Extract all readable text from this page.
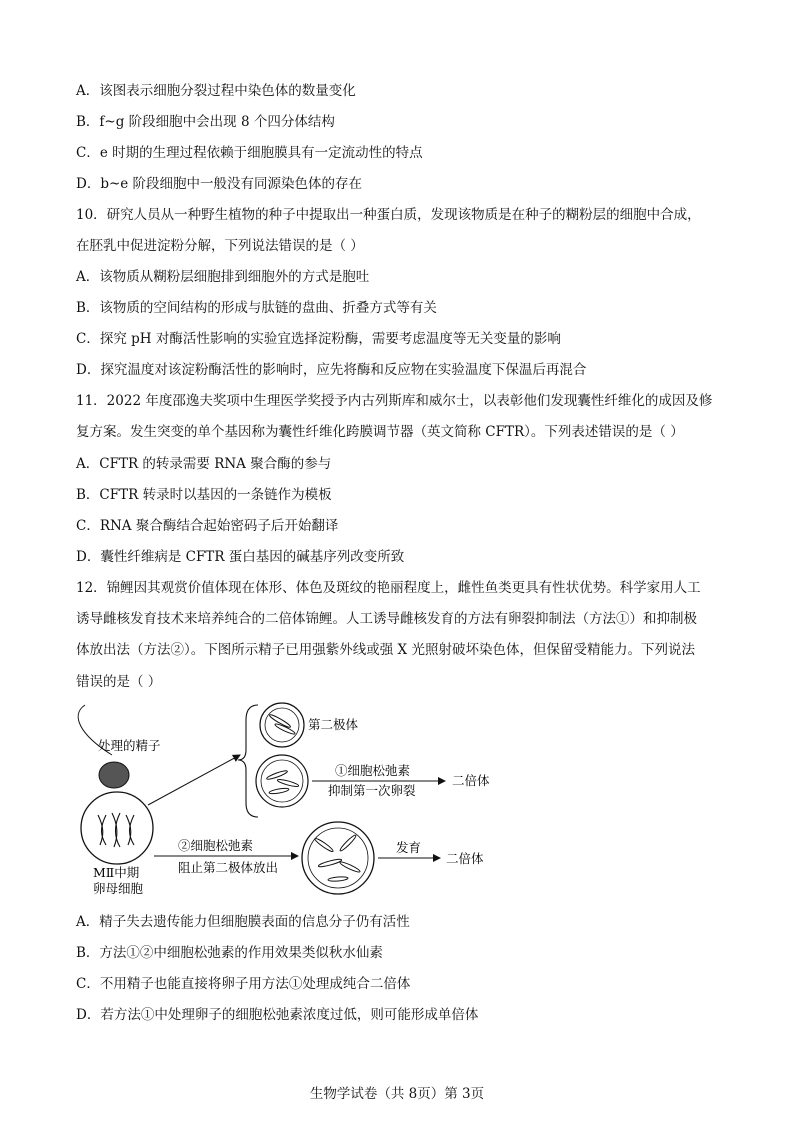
A．该图表示细胞分裂过程中染色体的数量变化
B．f~g 阶段细胞中会出现 8 个四分体结构
C．e 时期的生理过程依赖于细胞膜具有一定流动性的特点
D．b~e 阶段细胞中一般没有同源染色体的存在
10．研究人员从一种野生植物的种子中提取出一种蛋白质，发现该物质是在种子的糊粉层的细胞中合成，
在胚乳中促进淀粉分解，下列说法错误的是（ ）
A．该物质从糊粉层细胞排到细胞外的方式是胞吐
B．该物质的空间结构的形成与肽链的盘曲、折叠方式等有关
C．探究 pH 对酶活性影响的实验宜选择淀粉酶，需要考虑温度等无关变量的影响
D．探究温度对该淀粉酶活性的影响时，应先将酶和反应物在实验温度下保温后再混合
11．2022 年度邵逸夫奖项中生理医学奖授予内古列斯库和威尔士，以表彰他们发现囊性纤维化的成因及修
复方案。发生突变的单个基因称为囊性纤维化跨膜调节器（英文简称 CFTR）。下列表述错误的是（ ）
A．CFTR 的转录需要 RNA 聚合酶的参与
B．CFTR 转录时以基因的一条链作为模板
C．RNA 聚合酶结合起始密码子后开始翻译
D．囊性纤维病是 CFTR 蛋白基因的碱基序列改变所致
12．锦鲤因其观赏价值体现在体形、体色及斑纹的艳丽程度上，雌性鱼类更具有性状优势。科学家用人工
诱导雌核发育技术来培养纯合的二倍体锦鲤。人工诱导雌核发育的方法有卵裂抑制法（方法①）和抑制极
体放出法（方法②）。下图所示精子已用强紫外线或强 X 光照射破坏染色体，但保留受精能力。下列说法
错误的是（ ）
处理的精子
MⅡ中期
卵母细胞
第二极体
①细胞松弛素
抑制第一次卵裂
二倍体
②细胞松弛素
阻止第二极体放出
发育
二倍体
A．精子失去遗传能力但细胞膜表面的信息分子仍有活性
B．方法①②中细胞松弛素的作用效果类似秋水仙素
C．不用精子也能直接将卵子用方法①处理成纯合二倍体
D．若方法①中处理卵子的细胞松弛素浓度过低，则可能形成单倍体
生物学试卷（共 8页）第 3页
